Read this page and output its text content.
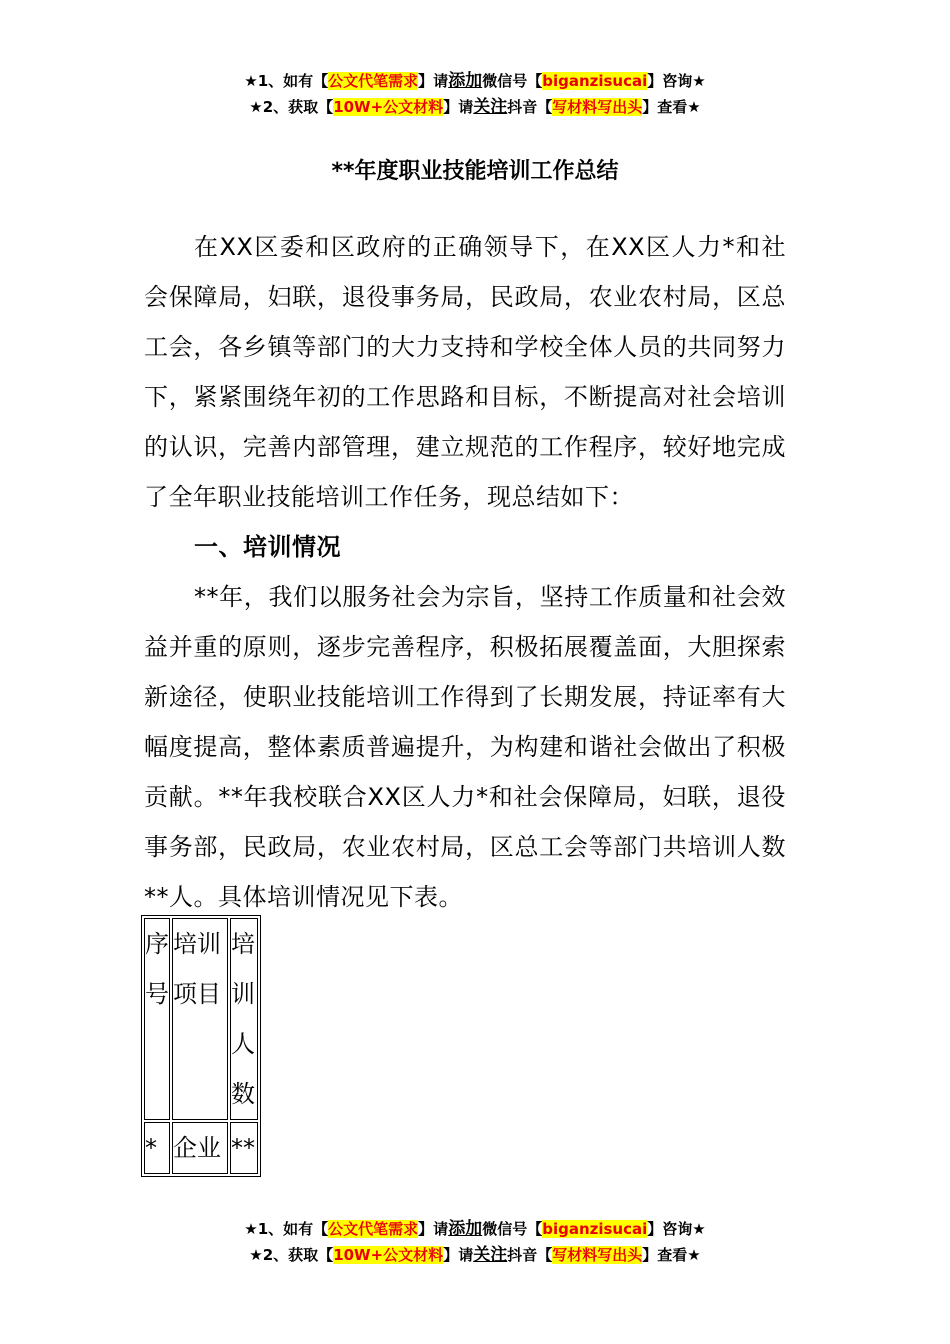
★1、如有【公文代笔需求】请添加微信号【biganzisucai】咨询★
★2、获取【10W+公文材料】请关注抖音【写材料写出头】查看★
**年度职业技能培训工作总结

在XX区委和区政府的正确领导下，在XX区人力*和社会保障局，妇联，退役事务局，民政局，农业农村局，区总工会，各乡镇等部门的大力支持和学校全体人员的共同努力下，紧紧围绕年初的工作思路和目标，不断提高对社会培训的认识，完善内部管理，建立规范的工作程序，较好地完成了全年职业技能培训工作任务，现总结如下：

一、培训情况

**年，我们以服务社会为宗旨，坚持工作质量和社会效益并重的原则，逐步完善程序，积极拓展覆盖面，大胆探索新途径，使职业技能培训工作得到了长期发展，持证率有大幅度提高，整体素质普遍提升，为构建和谐社会做出了积极贡献。**年我校联合XX区人力*和社会保障局，妇联，退役事务部，民政局，农业农村局，区总工会等部门共培训人数**人。具体培训情况见下表。

序号	培训项目	培训人数
*	企业	**
★1、如有【公文代笔需求】请添加微信号【biganzisucai】咨询★
★2、获取【10W+公文材料】请关注抖音【写材料写出头】查看★
